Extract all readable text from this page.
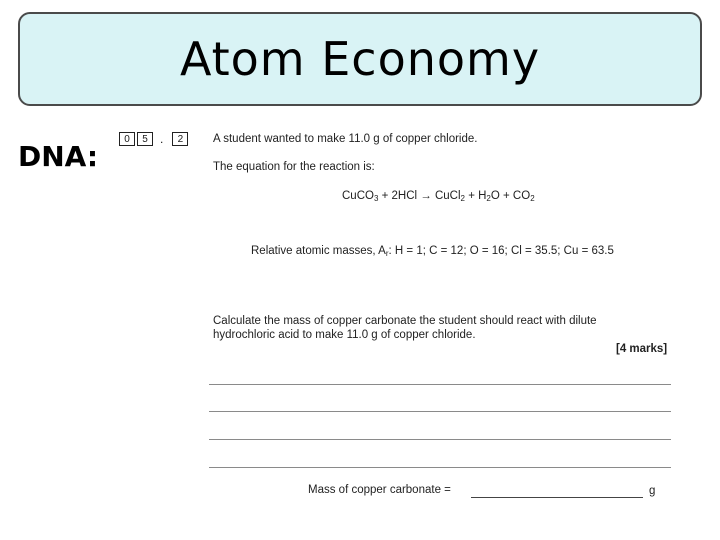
Atom Economy
DNA:
0	5	.	2	A student wanted to make 11.0 g of copper chloride.
The equation for the reaction is:
CuCO$_3$ + 2HCl → CuCl$_2$ + $H_2O + CO_2$
Relative atomic masses, $A_r$: H = 1; C = 12; O = 16; Cl = 35.5; Cu = 63.5
Calculate the mass of copper carbonate the student should react with dilute
hydrochloric acid to make 11.0 g of copper chloride.
[4 marks]
Mass of copper carbonate =	g
